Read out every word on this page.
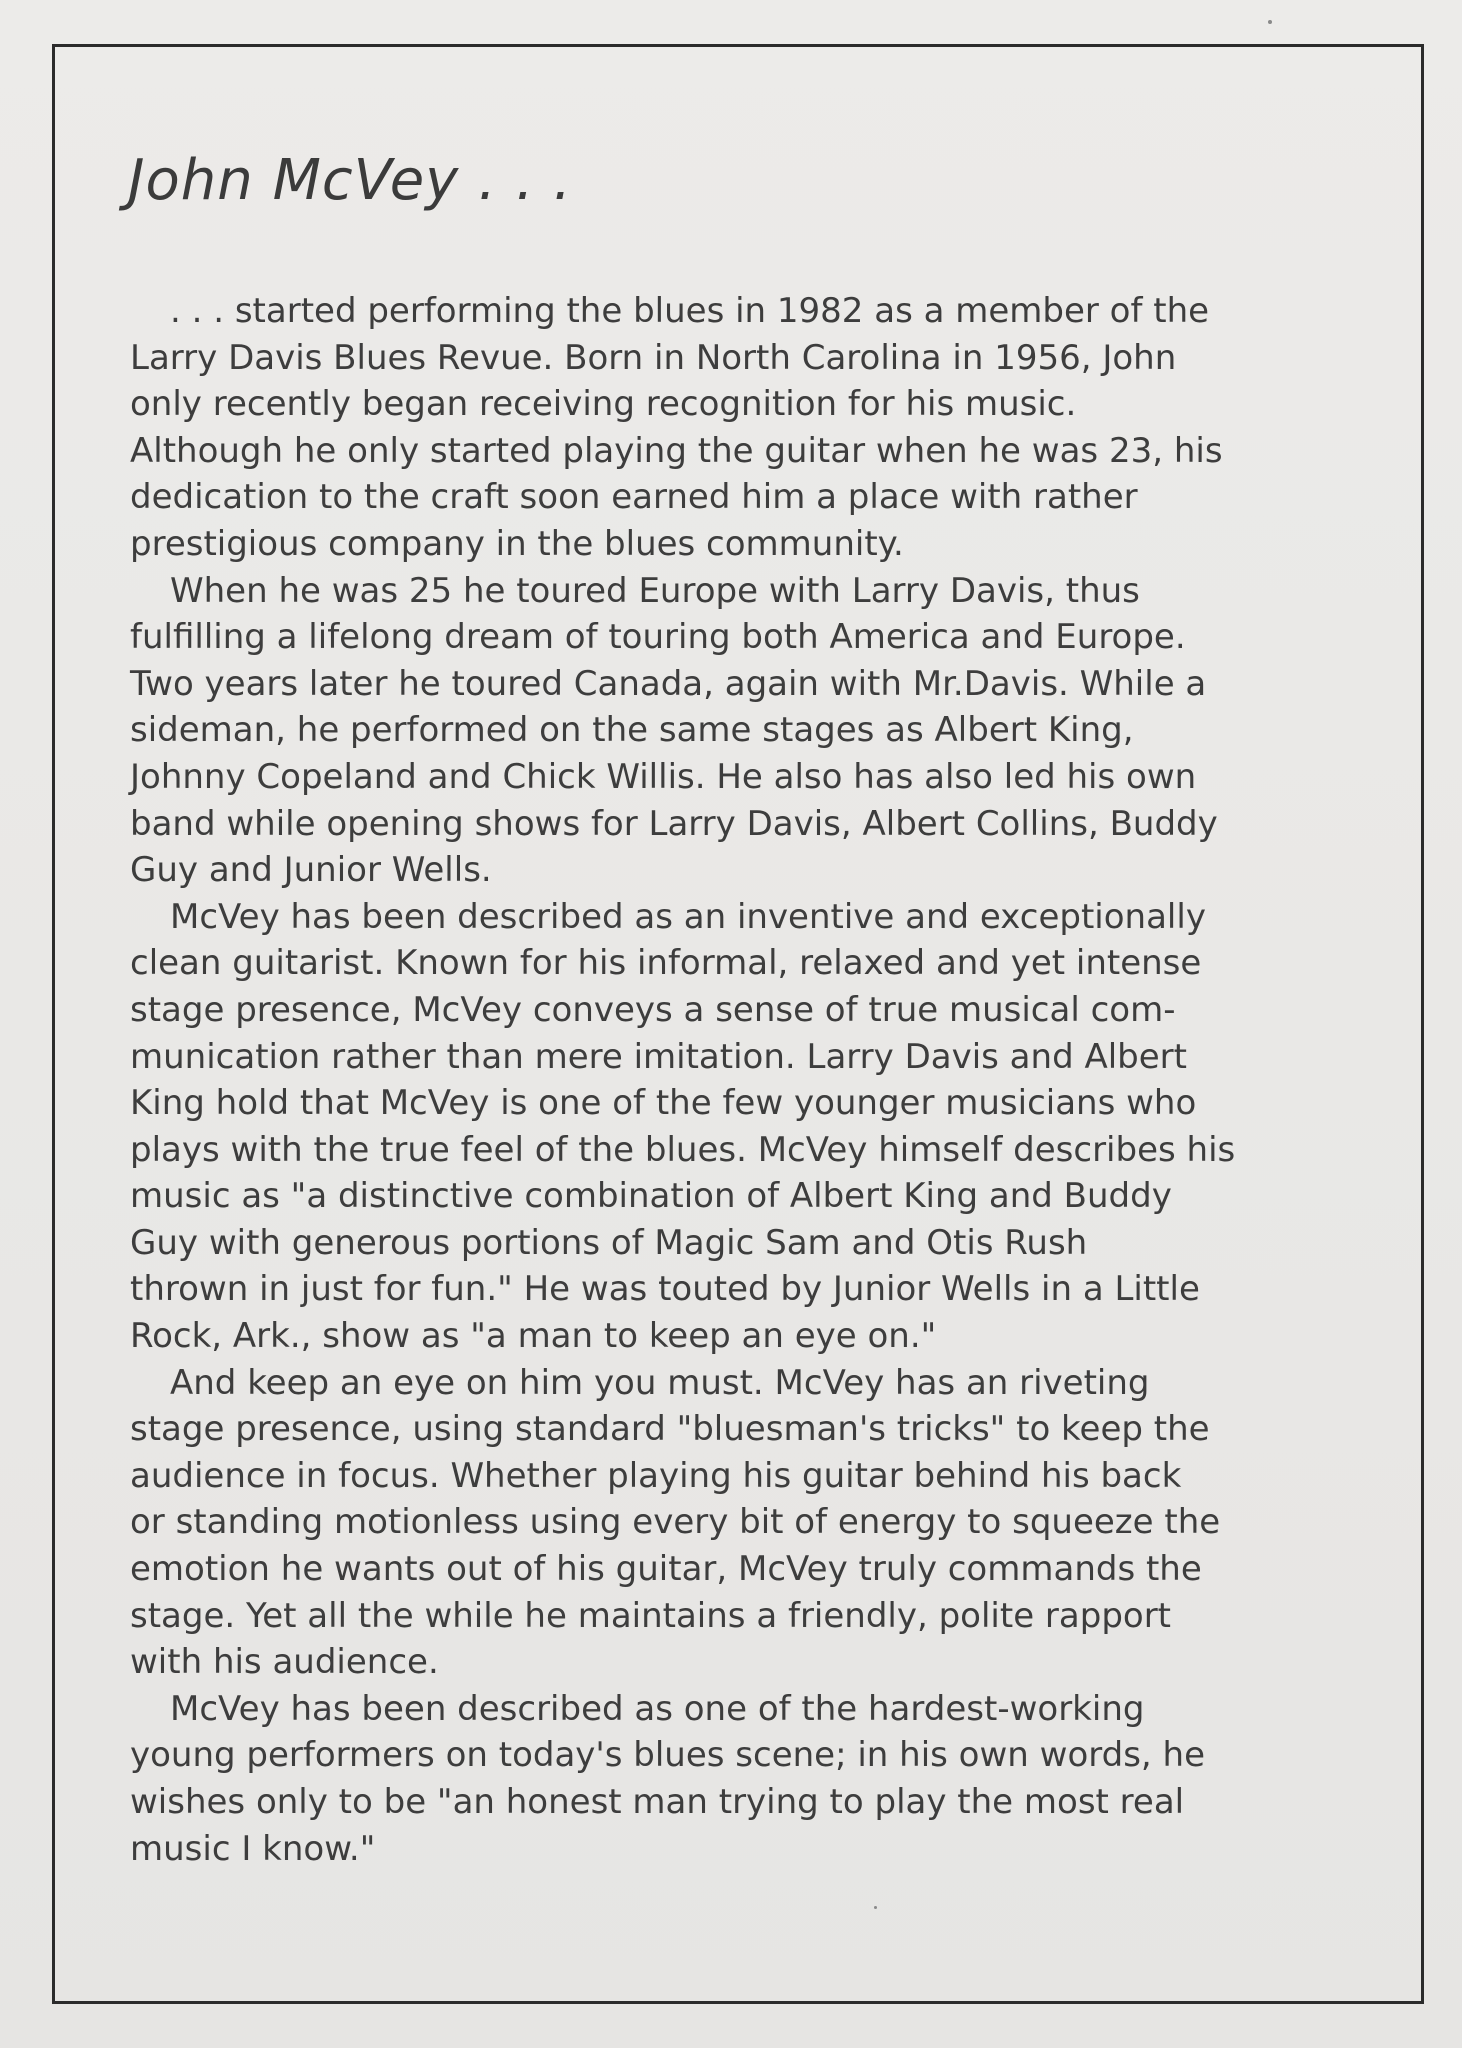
John McVey . . .
. . . started performing the blues in 1982 as a member of the
Larry Davis Blues Revue. Born in North Carolina in 1956, John
only recently began receiving recognition for his music.
Although he only started playing the guitar when he was 23, his
dedication to the craft soon earned him a place with rather
prestigious company in the blues community.
When he was 25 he toured Europe with Larry Davis, thus
fulfilling a lifelong dream of touring both America and Europe.
Two years later he toured Canada, again with Mr.Davis. While a
sideman, he performed on the same stages as Albert King,
Johnny Copeland and Chick Willis. He also has also led his own
band while opening shows for Larry Davis, Albert Collins, Buddy
Guy and Junior Wells.
McVey has been described as an inventive and exceptionally
clean guitarist. Known for his informal, relaxed and yet intense
stage presence, McVey conveys a sense of true musical com-
munication rather than mere imitation. Larry Davis and Albert
King hold that McVey is one of the few younger musicians who
plays with the true feel of the blues. McVey himself describes his
music as "a distinctive combination of Albert King and Buddy
Guy with generous portions of Magic Sam and Otis Rush
thrown in just for fun." He was touted by Junior Wells in a Little
Rock, Ark., show as "a man to keep an eye on."
And keep an eye on him you must. McVey has an riveting
stage presence, using standard "bluesman's tricks" to keep the
audience in focus. Whether playing his guitar behind his back
or standing motionless using every bit of energy to squeeze the
emotion he wants out of his guitar, McVey truly commands the
stage. Yet all the while he maintains a friendly, polite rapport
with his audience.
McVey has been described as one of the hardest-working
young performers on today's blues scene; in his own words, he
wishes only to be "an honest man trying to play the most real
music I know."
